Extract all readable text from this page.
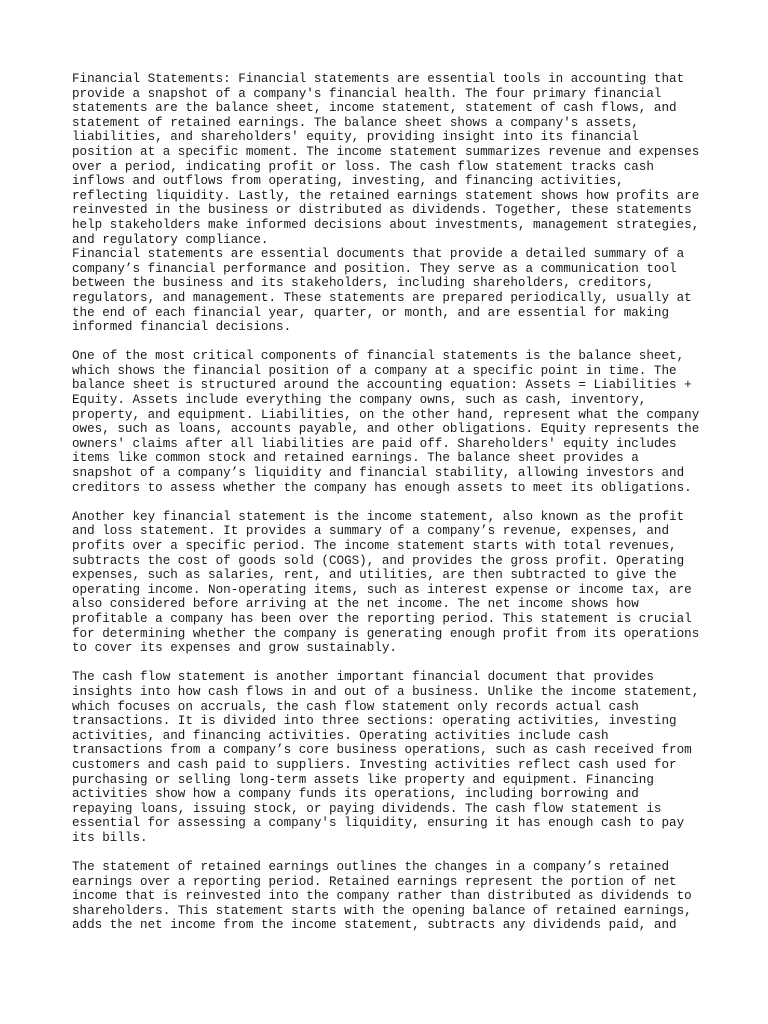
Financial Statements: Financial statements are essential tools in accounting that
provide a snapshot of a company's financial health. The four primary financial
statements are the balance sheet, income statement, statement of cash flows, and
statement of retained earnings. The balance sheet shows a company's assets,
liabilities, and shareholders' equity, providing insight into its financial
position at a specific moment. The income statement summarizes revenue and expenses
over a period, indicating profit or loss. The cash flow statement tracks cash
inflows and outflows from operating, investing, and financing activities,
reflecting liquidity. Lastly, the retained earnings statement shows how profits are
reinvested in the business or distributed as dividends. Together, these statements
help stakeholders make informed decisions about investments, management strategies,
and regulatory compliance.

Financial statements are essential documents that provide a detailed summary of a
company’s financial performance and position. They serve as a communication tool
between the business and its stakeholders, including shareholders, creditors,
regulators, and management. These statements are prepared periodically, usually at
the end of each financial year, quarter, or month, and are essential for making
informed financial decisions.

One of the most critical components of financial statements is the balance sheet,
which shows the financial position of a company at a specific point in time. The
balance sheet is structured around the accounting equation: Assets = Liabilities +
Equity. Assets include everything the company owns, such as cash, inventory,
property, and equipment. Liabilities, on the other hand, represent what the company
owes, such as loans, accounts payable, and other obligations. Equity represents the
owners' claims after all liabilities are paid off. Shareholders' equity includes
items like common stock and retained earnings. The balance sheet provides a
snapshot of a company’s liquidity and financial stability, allowing investors and
creditors to assess whether the company has enough assets to meet its obligations.

Another key financial statement is the income statement, also known as the profit
and loss statement. It provides a summary of a company’s revenue, expenses, and
profits over a specific period. The income statement starts with total revenues,
subtracts the cost of goods sold (COGS), and provides the gross profit. Operating
expenses, such as salaries, rent, and utilities, are then subtracted to give the
operating income. Non-operating items, such as interest expense or income tax, are
also considered before arriving at the net income. The net income shows how
profitable a company has been over the reporting period. This statement is crucial
for determining whether the company is generating enough profit from its operations
to cover its expenses and grow sustainably.

The cash flow statement is another important financial document that provides
insights into how cash flows in and out of a business. Unlike the income statement,
which focuses on accruals, the cash flow statement only records actual cash
transactions. It is divided into three sections: operating activities, investing
activities, and financing activities. Operating activities include cash
transactions from a company’s core business operations, such as cash received from
customers and cash paid to suppliers. Investing activities reflect cash used for
purchasing or selling long-term assets like property and equipment. Financing
activities show how a company funds its operations, including borrowing and
repaying loans, issuing stock, or paying dividends. The cash flow statement is
essential for assessing a company's liquidity, ensuring it has enough cash to pay
its bills.

The statement of retained earnings outlines the changes in a company’s retained
earnings over a reporting period. Retained earnings represent the portion of net
income that is reinvested into the company rather than distributed as dividends to
shareholders. This statement starts with the opening balance of retained earnings,
adds the net income from the income statement, subtracts any dividends paid, and
